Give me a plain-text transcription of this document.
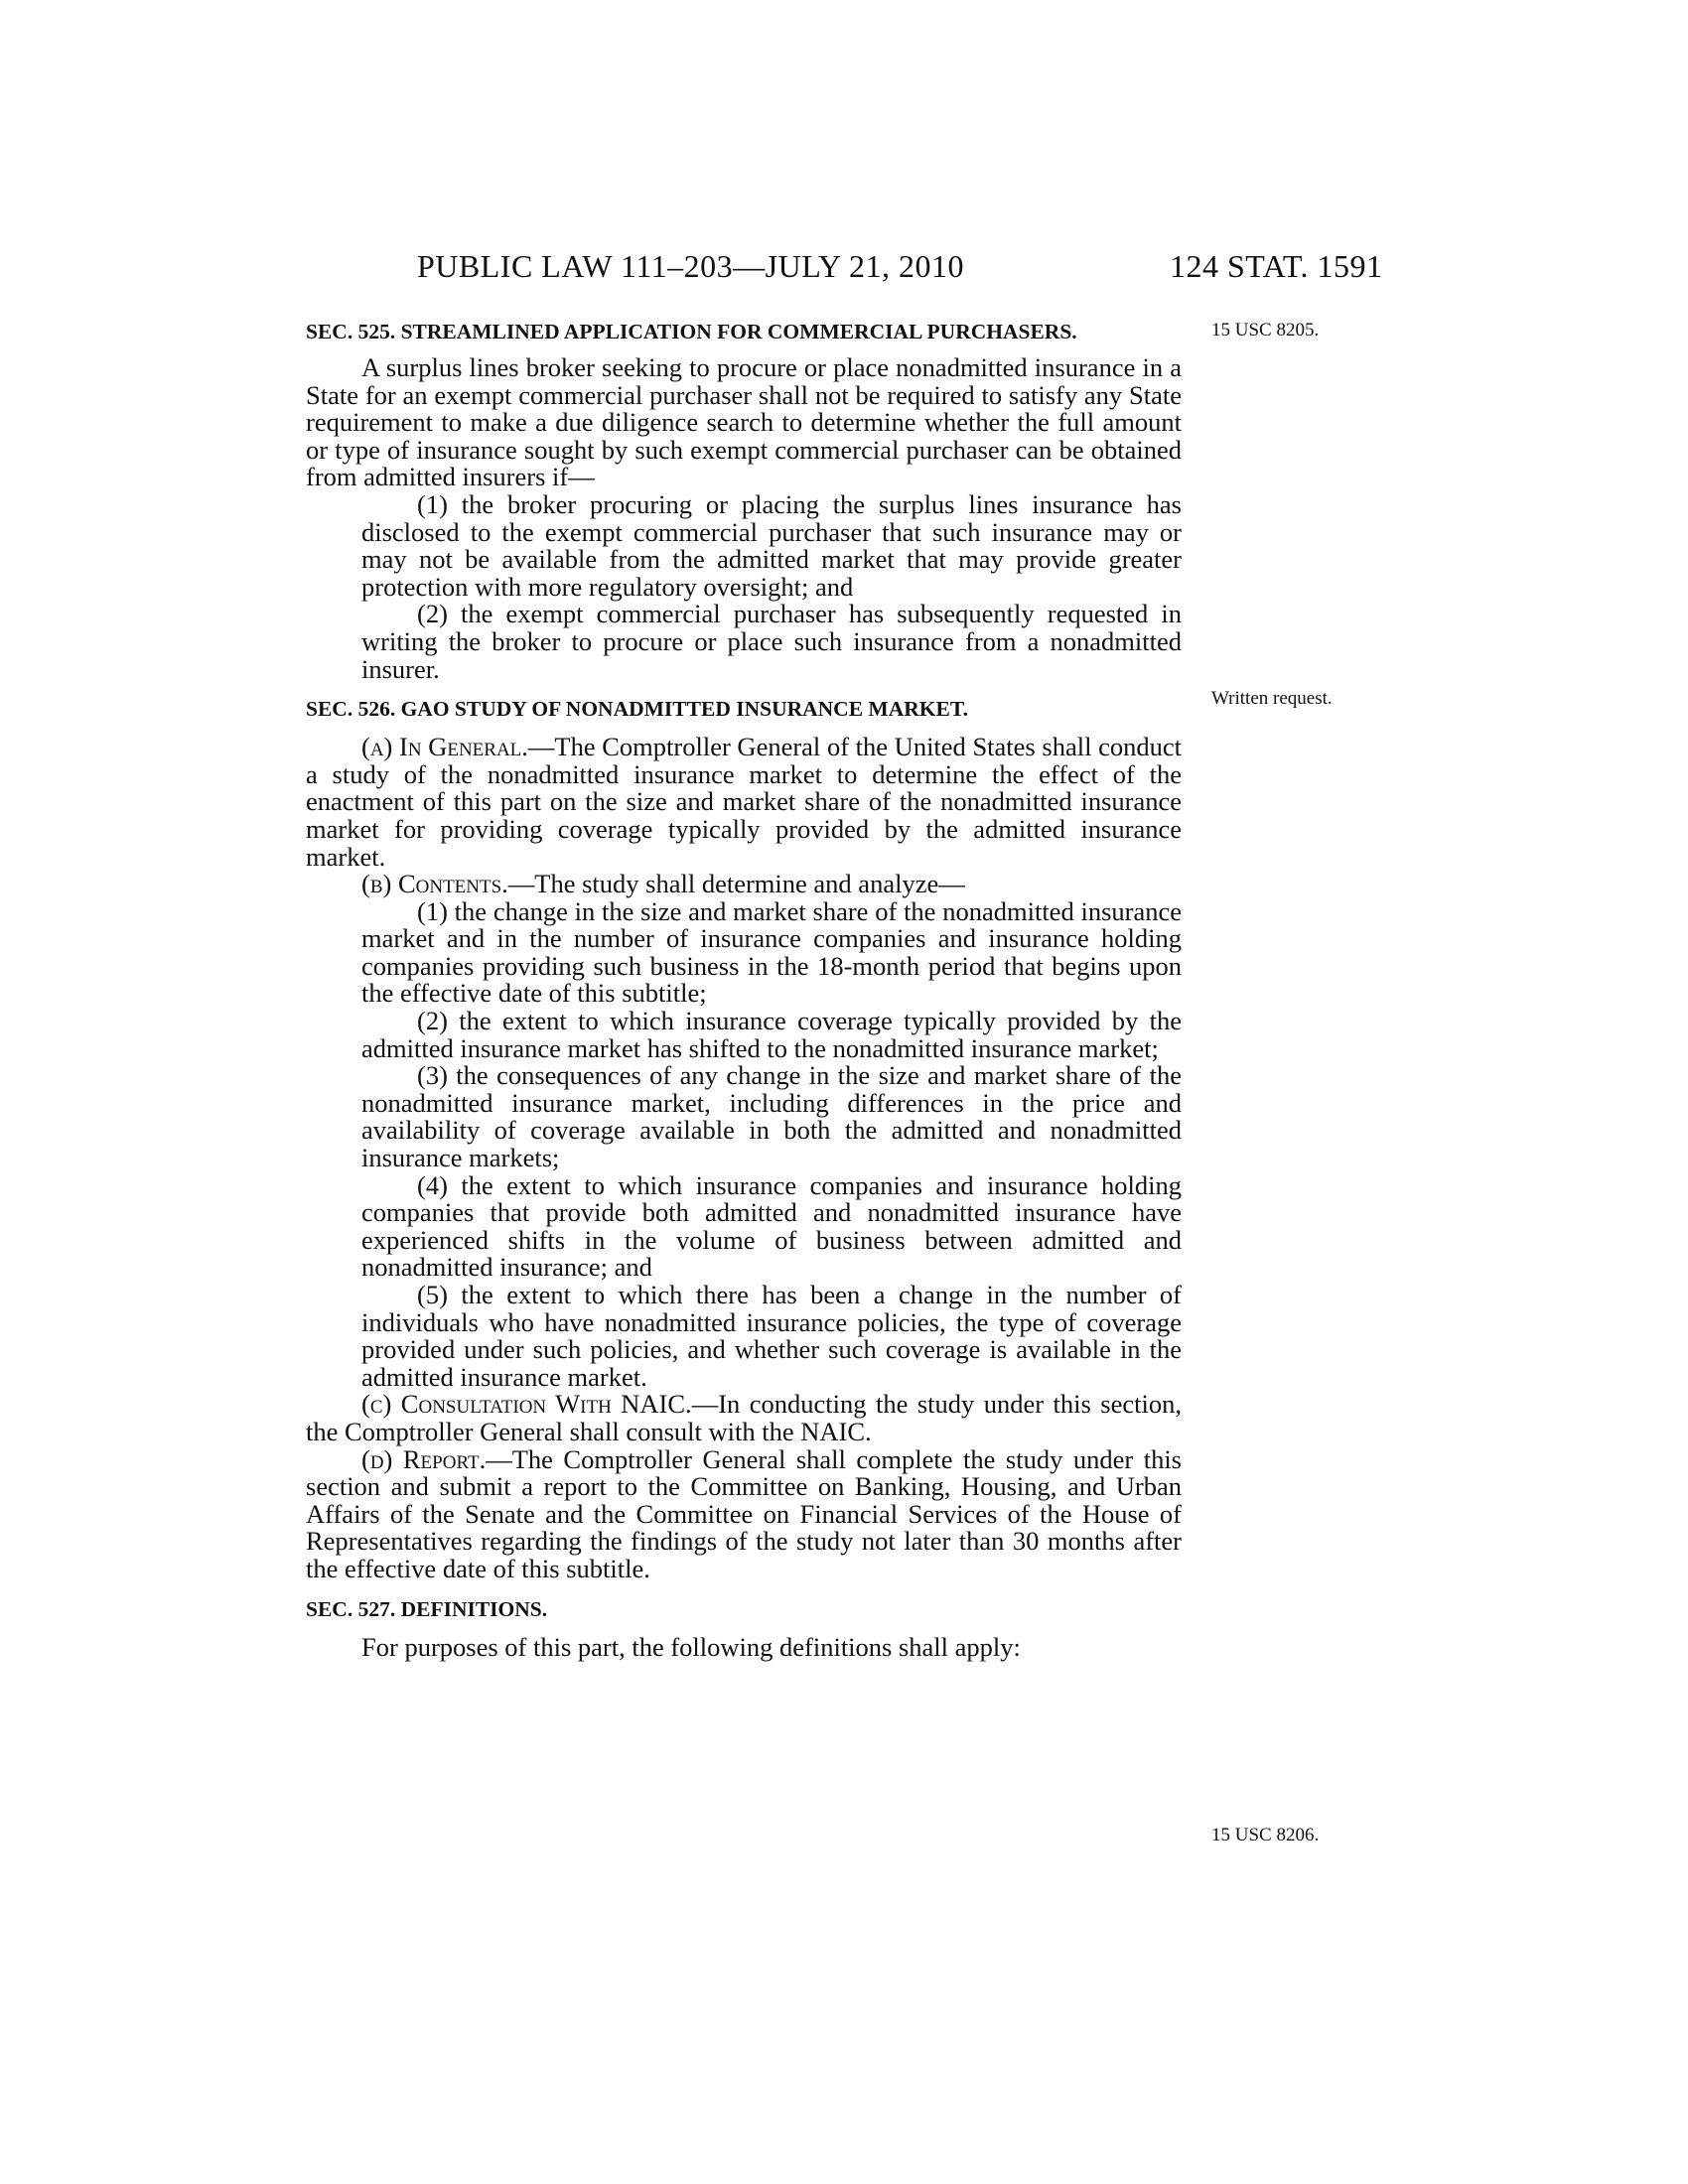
PUBLIC LAW 111–203—JULY 21, 2010	124 STAT. 1591
15 USC 8205.
Written request.
15 USC 8206.
SEC. 525. STREAMLINED APPLICATION FOR COMMERCIAL PURCHASERS.

A surplus lines broker seeking to procure or place nonadmitted insurance in a State for an exempt commercial purchaser shall not be required to satisfy any State requirement to make a due diligence search to determine whether the full amount or type of insurance sought by such exempt commercial purchaser can be obtained from admitted insurers if—

(1) the broker procuring or placing the surplus lines insurance has disclosed to the exempt commercial purchaser that such insurance may or may not be available from the admitted market that may provide greater protection with more regulatory oversight; and

(2) the exempt commercial purchaser has subsequently requested in writing the broker to procure or place such insurance from a nonadmitted insurer.

SEC. 526. GAO STUDY OF NONADMITTED INSURANCE MARKET.

(a) In General.—The Comptroller General of the United States shall conduct a study of the nonadmitted insurance market to determine the effect of the enactment of this part on the size and market share of the nonadmitted insurance market for providing coverage typically provided by the admitted insurance market.

(b) Contents.—The study shall determine and analyze—

(1) the change in the size and market share of the nonadmitted insurance market and in the number of insurance companies and insurance holding companies providing such business in the 18-month period that begins upon the effective date of this subtitle;

(2) the extent to which insurance coverage typically provided by the admitted insurance market has shifted to the nonadmitted insurance market;

(3) the consequences of any change in the size and market share of the nonadmitted insurance market, including differences in the price and availability of coverage available in both the admitted and nonadmitted insurance markets;

(4) the extent to which insurance companies and insurance holding companies that provide both admitted and nonadmitted insurance have experienced shifts in the volume of business between admitted and nonadmitted insurance; and

(5) the extent to which there has been a change in the number of individuals who have nonadmitted insurance policies, the type of coverage provided under such policies, and whether such coverage is available in the admitted insurance market.

(c) Consultation With NAIC.—In conducting the study under this section, the Comptroller General shall consult with the NAIC.

(d) Report.—The Comptroller General shall complete the study under this section and submit a report to the Committee on Banking, Housing, and Urban Affairs of the Senate and the Committee on Financial Services of the House of Representatives regarding the findings of the study not later than 30 months after the effective date of this subtitle.

SEC. 527. DEFINITIONS.

For purposes of this part, the following definitions shall apply:
